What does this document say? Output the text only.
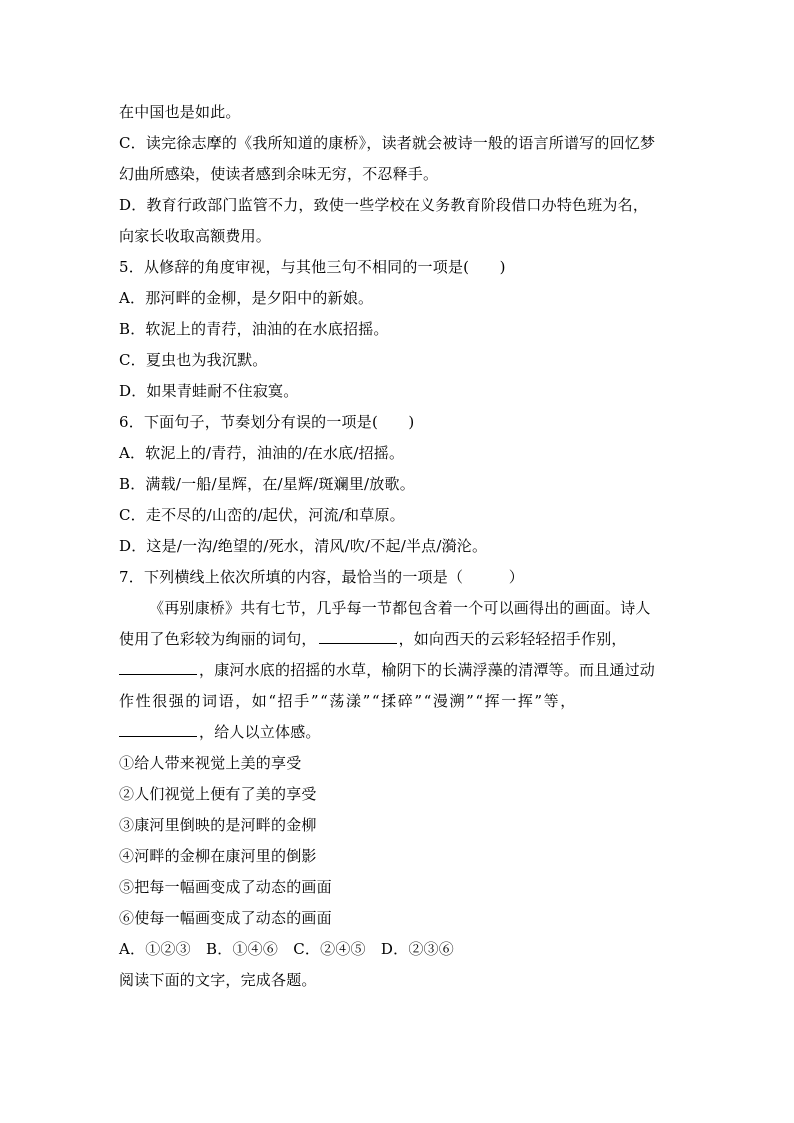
在中国也是如此。
C．读完徐志摩的《我所知道的康桥》，读者就会被诗一般的语言所谱写的回忆梦
幻曲所感染，使读者感到余味无穷，不忍释手。
D．教育行政部门监管不力，致使一些学校在义务教育阶段借口办特色班为名，
向家长收取高额费用。
5．从修辞的角度审视，与其他三句不相同的一项是(　　)
A．那河畔的金柳，是夕阳中的新娘。
B．软泥上的青荇，油油的在水底招摇。
C．夏虫也为我沉默。
D．如果青蛙耐不住寂寞。
6．下面句子，节奏划分有误的一项是(　　)
A．软泥上的/青荇，油油的/在水底/招摇。
B．满载/一船/星辉，在/星辉/斑斓里/放歌。
C．走不尽的/山峦的/起伏，河流/和草原。
D．这是/一沟/绝望的/死水，清风/吹/不起/半点/漪沦。
7．下列横线上依次所填的内容，最恰当的一项是（　　　）
《再别康桥》共有七节，几乎每一节都包含着一个可以画得出的画面。诗人
使用了色彩较为绚丽的词句，	，如向西天的云彩轻轻招手作别，
，康河水底的招摇的水草，榆阴下的长满浮藻的清潭等。而且通过动
作性很强的词语，如“招手”“荡漾”“揉碎”“漫溯”“挥一挥”等，
，给人以立体感。
①给人带来视觉上美的享受
②人们视觉上便有了美的享受
③康河里倒映的是河畔的金柳
④河畔的金柳在康河里的倒影
⑤把每一幅画变成了动态的画面
⑥使每一幅画变成了动态的画面
A．①②③　B．①④⑥　C．②④⑤　D．②③⑥
阅读下面的文字，完成各题。
